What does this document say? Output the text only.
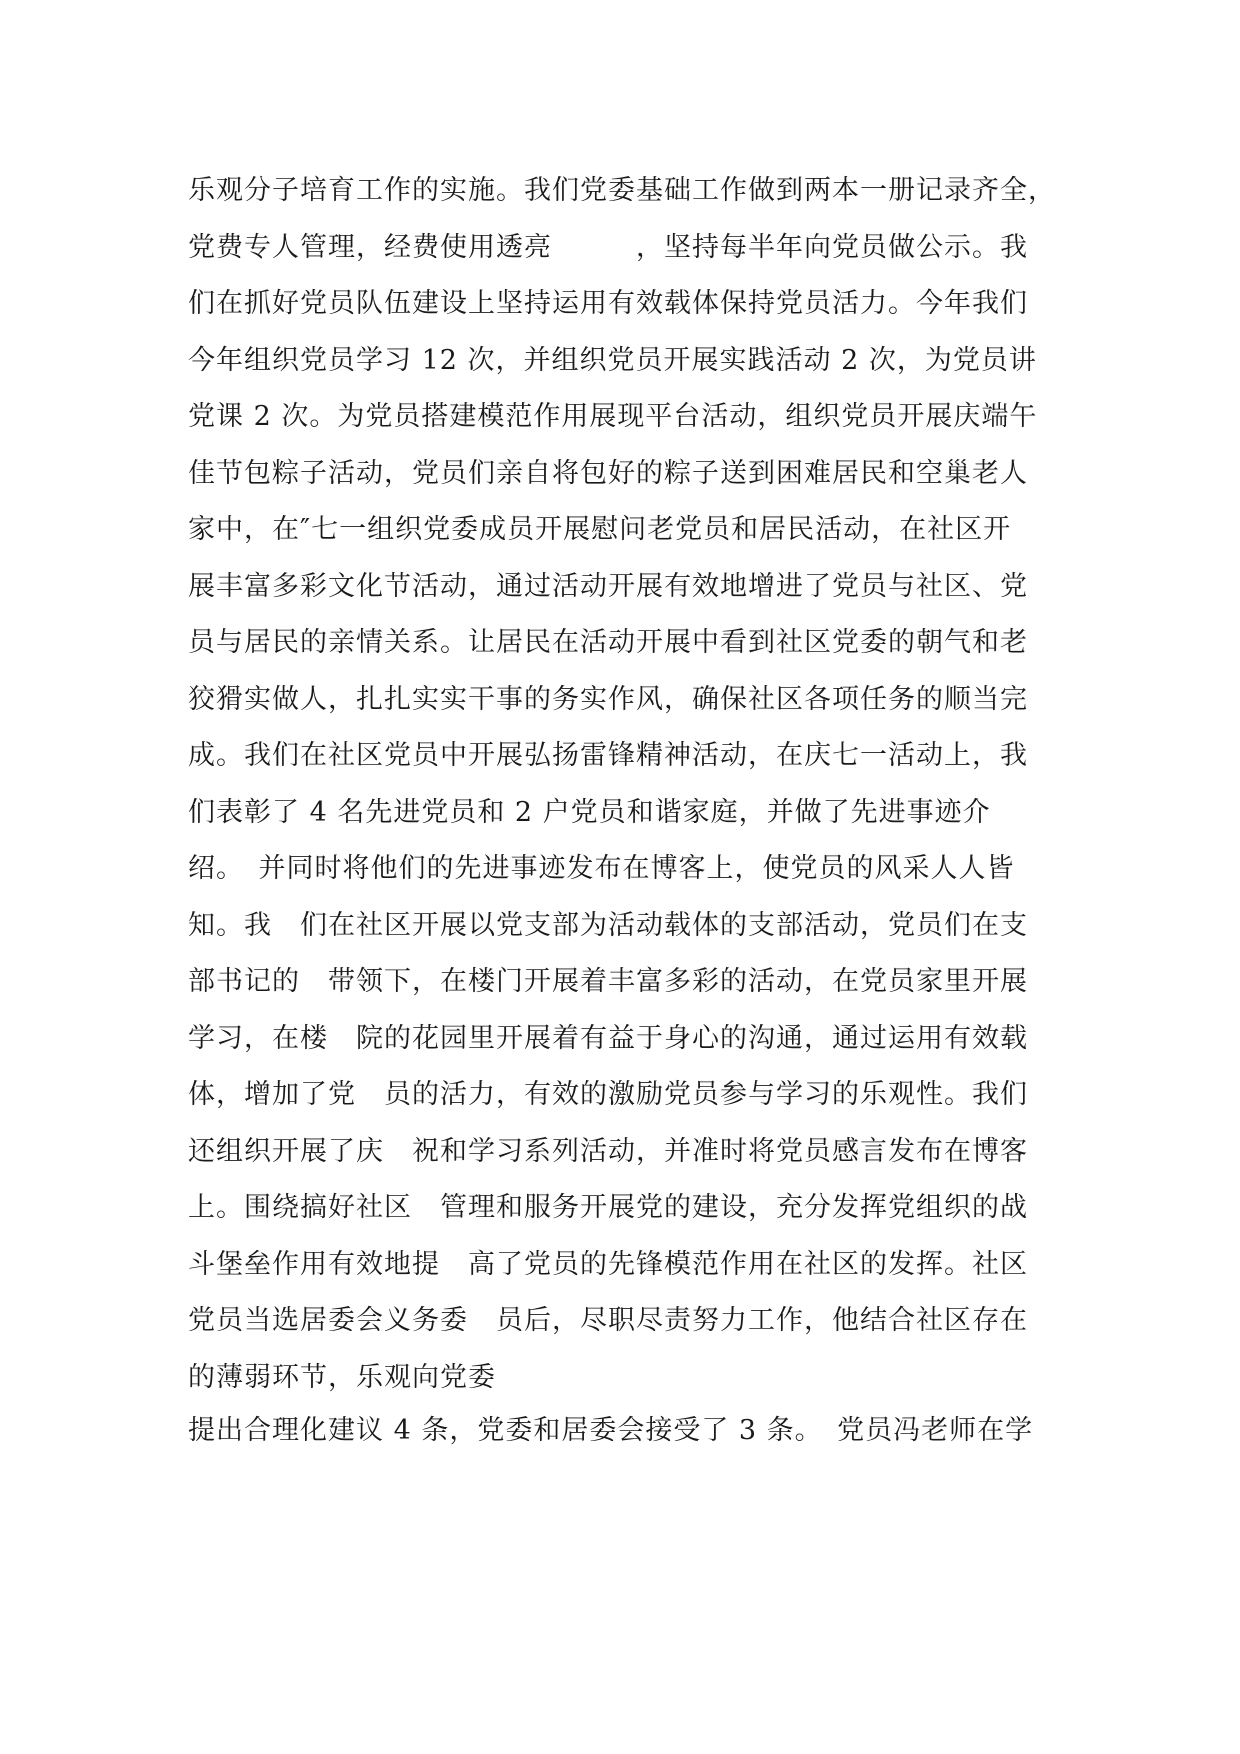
乐观分子培育工作的实施。我们党委基础工作做到两本一册记录齐全，
党费专人管理，经费使用透亮　　　，坚持每半年向党员做公示。我
们在抓好党员队伍建设上坚持运用有效载体保持党员活力。今年我们
今年组织党员学习 12 次，并组织党员开展实践活动 2 次，为党员讲
党课 2 次。为党员搭建模范作用展现平台活动，组织党员开展庆端午
佳节包粽子活动，党员们亲自将包好的粽子送到困难居民和空巢老人
家中，在″七一组织党委成员开展慰问老党员和居民活动，在社区开
展丰富多彩文化节活动，通过活动开展有效地增进了党员与社区、党
员与居民的亲情关系。让居民在活动开展中看到社区党委的朝气和老
狡猾实做人，扎扎实实干事的务实作风，确保社区各项任务的顺当完
成。我们在社区党员中开展弘扬雷锋精神活动，在庆七一活动上，我
们表彰了 4 名先进党员和 2 户党员和谐家庭，并做了先进事迹介
绍。　并同时将他们的先进事迹发布在博客上，使党员的风采人人皆
知。我　们在社区开展以党支部为活动载体的支部活动，党员们在支
部书记的　带领下，在楼门开展着丰富多彩的活动，在党员家里开展
学习，在楼　院的花园里开展着有益于身心的沟通，通过运用有效载
体，增加了党　员的活力，有效的激励党员参与学习的乐观性。我们
还组织开展了庆　祝和学习系列活动，并准时将党员感言发布在博客
上。围绕搞好社区　管理和服务开展党的建设，充分发挥党组织的战
斗堡垒作用有效地提　高了党员的先锋模范作用在社区的发挥。社区
党员当选居委会义务委　员后，尽职尽责努力工作，他结合社区存在
的薄弱环节，乐观向党委
提出合理化建议 4 条，党委和居委会接受了 3 条。　党员冯老师在学
